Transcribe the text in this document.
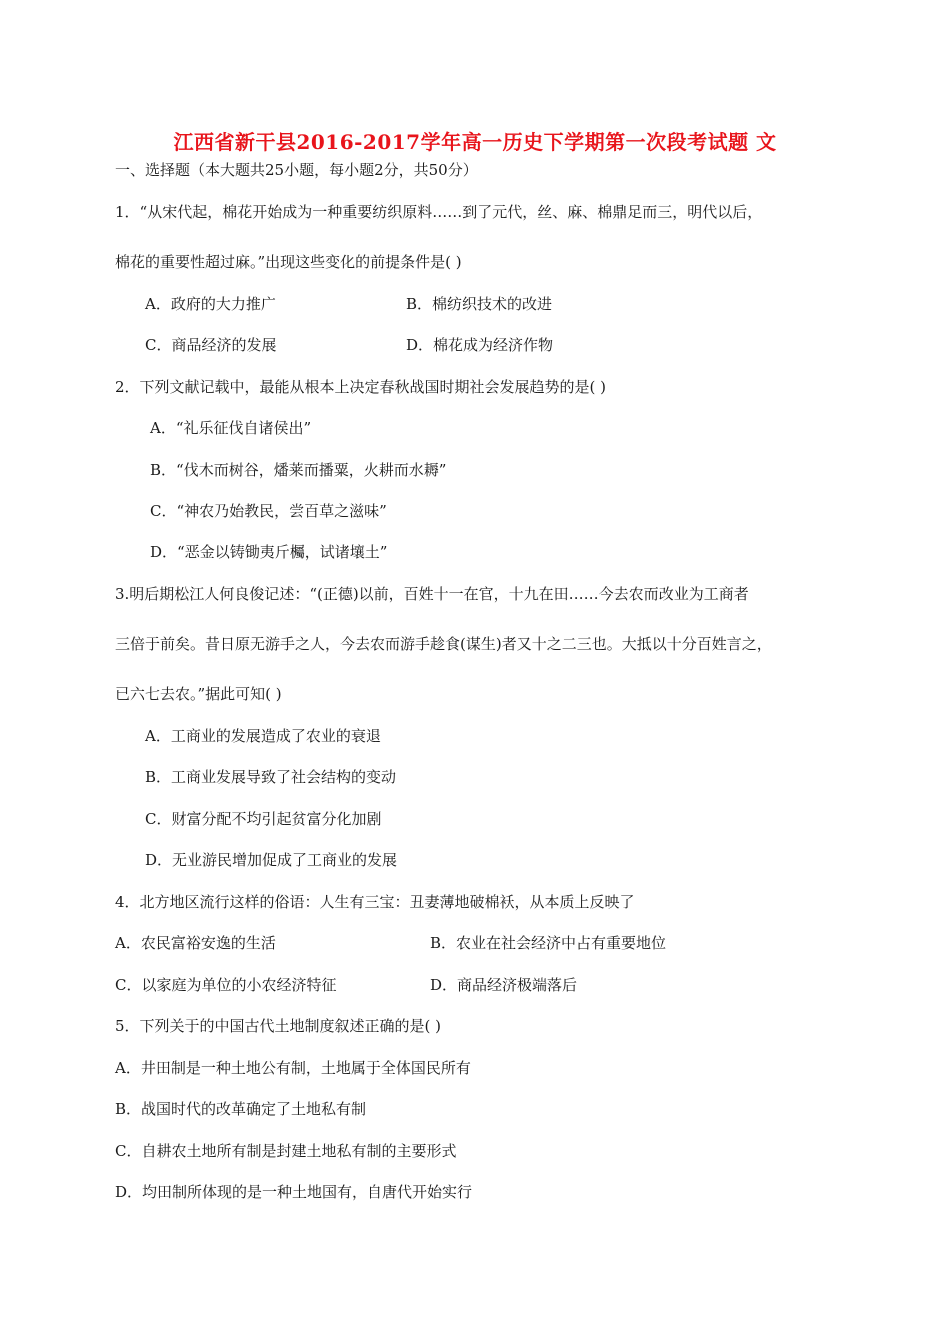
江西省新干县2016-2017学年高一历史下学期第一次段考试题 文
一、选择题（本大题共25小题，每小题2分，共50分）
1．“从宋代起，棉花开始成为一种重要纺织原料……到了元代，丝、麻、棉鼎足而三，明代以后，
棉花的重要性超过麻。”出现这些变化的前提条件是( )
A．政府的大力推广	B．棉纺织技术的改进
C．商品经济的发展	D．棉花成为经济作物
2．下列文献记载中，最能从根本上决定春秋战国时期社会发展趋势的是( )
A．“礼乐征伐自诸侯出”
B．“伐木而树谷，燔莱而播粟，火耕而水耨”
C．“神农乃始教民，尝百草之滋味”
D．“恶金以铸锄夷斤欘，试诸壤土”
3.明后期松江人何良俊记述：“(正德)以前，百姓十一在官，十九在田……今去农而改业为工商者
三倍于前矣。昔日原无游手之人，今去农而游手趁食(谋生)者又十之二三也。大抵以十分百姓言之，
已六七去农。”据此可知( )
A．工商业的发展造成了农业的衰退
B．工商业发展导致了社会结构的变动
C．财富分配不均引起贫富分化加剧
D．无业游民增加促成了工商业的发展
4．北方地区流行这样的俗语：人生有三宝：丑妻薄地破棉袄，从本质上反映了
A．农民富裕安逸的生活	B．农业在社会经济中占有重要地位
C．以家庭为单位的小农经济特征	D．商品经济极端落后
5．下列关于的中国古代土地制度叙述正确的是( )
A．井田制是一种土地公有制，土地属于全体国民所有
B．战国时代的改革确定了土地私有制
C．自耕农土地所有制是封建土地私有制的主要形式
D．均田制所体现的是一种土地国有，自唐代开始实行
